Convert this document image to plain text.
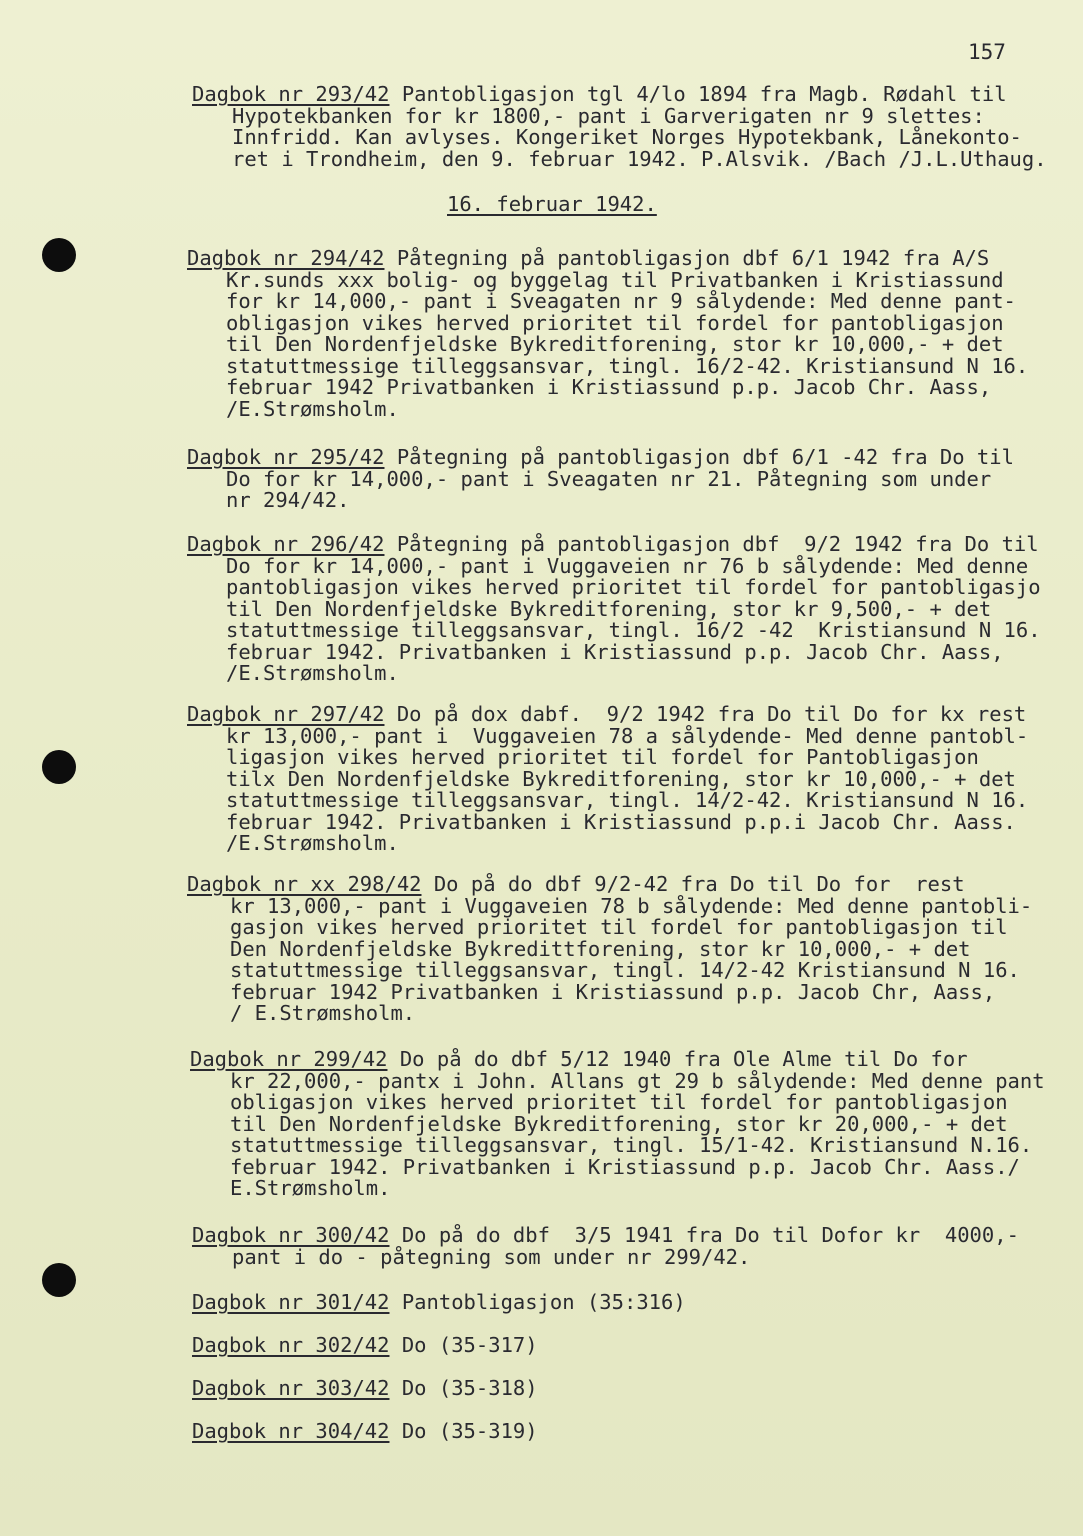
157
16. februar 1942.
Dagbok nr 293/42 Pantobligasjon tgl 4/lo 1894 fra Magb. Rødahl til
Hypotekbanken for kr 1800,- pant i Garverigaten nr 9 slettes:
Innfridd. Kan avlyses. Kongeriket Norges Hypotekbank, Lånekonto-
ret i Trondheim, den 9. februar 1942. P.Alsvik. /Bach /J.L.Uthaug.
Dagbok nr 294/42 Påtegning på pantobligasjon dbf 6/1 1942 fra A/S
Kr.sunds xxx bolig- og byggelag til Privatbanken i Kristiassund
for kr 14,000,- pant i Sveagaten nr 9 sålydende: Med denne pant-
obligasjon vikes herved prioritet til fordel for pantobligasjon
til Den Nordenfjeldske Bykreditforening, stor kr 10,000,- + det
statuttmessige tilleggsansvar, tingl. 16/2-42. Kristiansund N 16.
februar 1942 Privatbanken i Kristiassund p.p. Jacob Chr. Aass,
/E.Strømsholm.
Dagbok nr 295/42 Påtegning på pantobligasjon dbf 6/1 -42 fra Do til
Do for kr 14,000,- pant i Sveagaten nr 21. Påtegning som under
nr 294/42.
Dagbok nr 296/42 Påtegning på pantobligasjon dbf  9/2 1942 fra Do til
Do for kr 14,000,- pant i Vuggaveien nr 76 b sålydende: Med denne
pantobligasjon vikes herved prioritet til fordel for pantobligasjo
til Den Nordenfjeldske Bykreditforening, stor kr 9,500,- + det
statuttmessige tilleggsansvar, tingl. 16/2 -42  Kristiansund N 16.
februar 1942. Privatbanken i Kristiassund p.p. Jacob Chr. Aass,
/E.Strømsholm.
Dagbok nr 297/42 Do på dox dabf.  9/2 1942 fra Do til Do for kx rest
kr 13,000,- pant i  Vuggaveien 78 a sålydende- Med denne pantobl-
ligasjon vikes herved prioritet til fordel for Pantobligasjon
tilx Den Nordenfjeldske Bykreditforening, stor kr 10,000,- + det
statuttmessige tilleggsansvar, tingl. 14/2-42. Kristiansund N 16.
februar 1942. Privatbanken i Kristiassund p.p.i Jacob Chr. Aass.
/E.Strømsholm.
Dagbok nr xx 298/42 Do på do dbf 9/2-42 fra Do til Do for  rest
kr 13,000,- pant i Vuggaveien 78 b sålydende: Med denne pantobli-
gasjon vikes herved prioritet til fordel for pantobligasjon til
Den Nordenfjeldske Bykredittforening, stor kr 10,000,- + det
statuttmessige tilleggsansvar, tingl. 14/2-42 Kristiansund N 16.
februar 1942 Privatbanken i Kristiassund p.p. Jacob Chr, Aass,
/ E.Strømsholm.
Dagbok nr 299/42 Do på do dbf 5/12 1940 fra Ole Alme til Do for
kr 22,000,- pantx i John. Allans gt 29 b sålydende: Med denne pant
obligasjon vikes herved prioritet til fordel for pantobligasjon
til Den Nordenfjeldske Bykreditforening, stor kr 20,000,- + det
statuttmessige tilleggsansvar, tingl. 15/1-42. Kristiansund N.16.
februar 1942. Privatbanken i Kristiassund p.p. Jacob Chr. Aass./
E.Strømsholm.
Dagbok nr 300/42 Do på do dbf  3/5 1941 fra Do til Dofor kr  4000,-
pant i do - påtegning som under nr 299/42.
Dagbok nr 301/42 Pantobligasjon (35:316)
Dagbok nr 302/42 Do (35-317)
Dagbok nr 303/42 Do (35-318)
Dagbok nr 304/42 Do (35-319)
